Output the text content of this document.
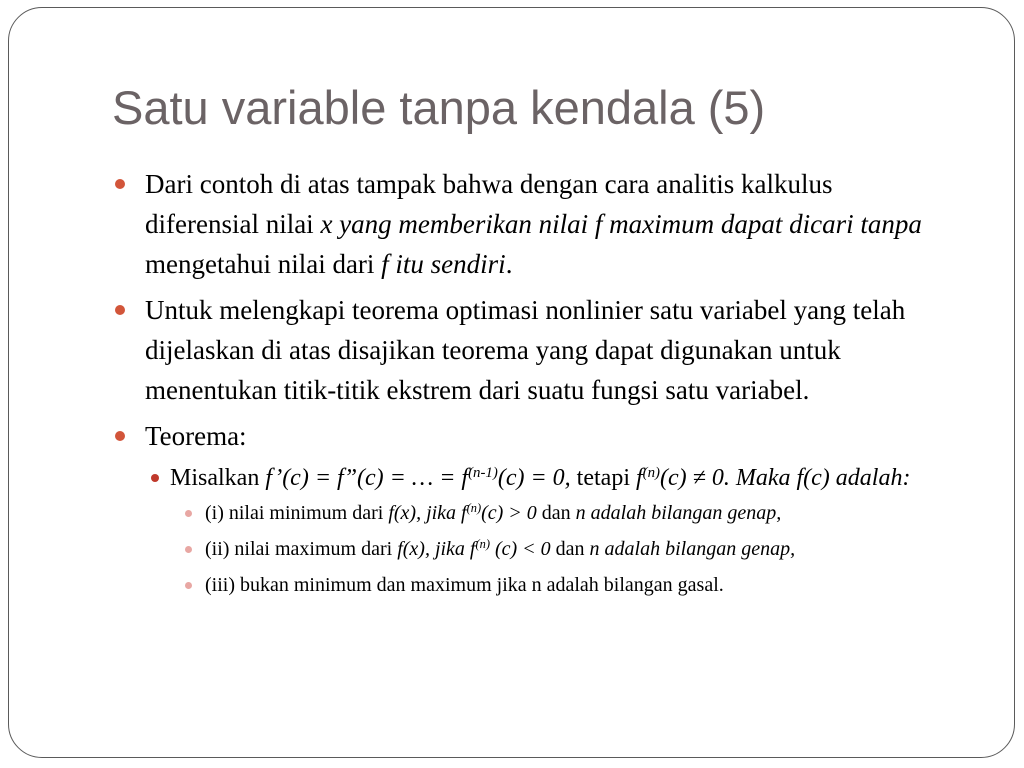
Satu variable tanpa kendala (5)
Dari contoh di atas tampak bahwa dengan cara analitis kalkulus diferensial nilai x yang memberikan nilai f maximum dapat dicari tanpa mengetahui nilai dari f itu sendiri.
Untuk melengkapi teorema optimasi nonlinier satu variabel yang telah dijelaskan di atas disajikan teorema yang dapat digunakan untuk menentukan titik-titik ekstrem dari suatu fungsi satu variabel.
Teorema:
Misalkan f’(c) = f”(c) = … = $f^{(n-1)}(c) = 0$, tetapi $f^{(n)}(c) \ne 0$. Maka f(c) adalah:
(i) nilai minimum dari f(x), jika $f^{(n)}(c) > 0$ dan n adalah bilangan genap,
(ii) nilai maximum dari f(x), jika $f^{(n)}$ (c) < 0 dan n adalah bilangan genap,
(iii) bukan minimum dan maximum jika n adalah bilangan gasal.
